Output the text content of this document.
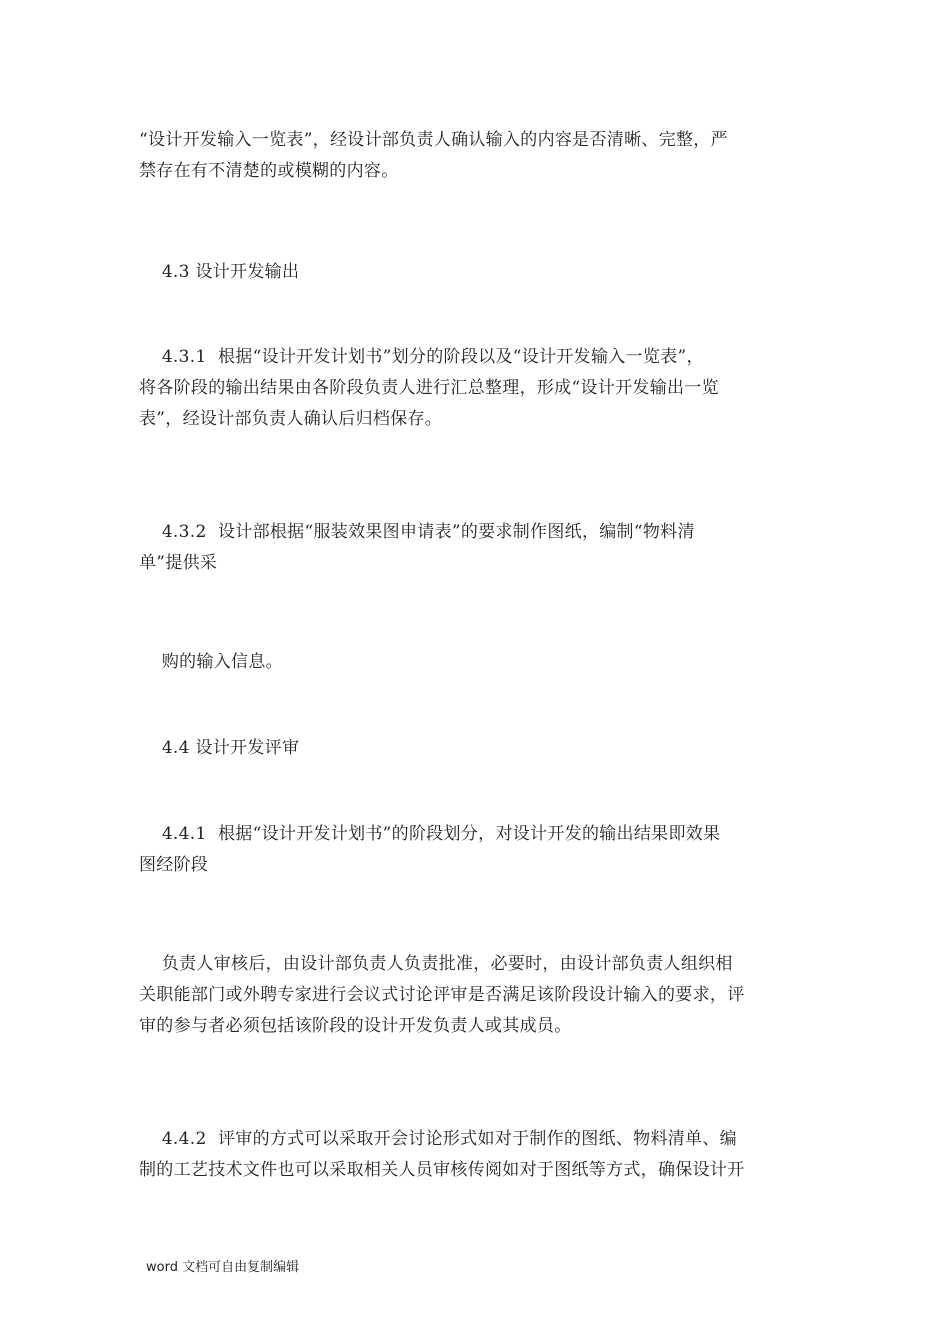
“设计开发输入一览表”，经设计部负责人确认输入的内容是否清晰、完整，严
禁存在有不清楚的或模糊的内容。

4.3 设计开发输出

4.3.1  根据“设计开发计划书”划分的阶段以及“设计开发输入一览表”，
将各阶段的输出结果由各阶段负责人进行汇总整理，形成“设计开发输出一览
表”，经设计部负责人确认后归档保存。

4.3.2  设计部根据“服装效果图申请表”的要求制作图纸，编制“物料清
单”提供采

购的输入信息。

4.4 设计开发评审

4.4.1  根据“设计开发计划书”的阶段划分，对设计开发的输出结果即效果
图经阶段

负责人审核后，由设计部负责人负责批准，必要时，由设计部负责人组织相
关职能部门或外聘专家进行会议式讨论评审是否满足该阶段设计输入的要求，评
审的参与者必须包括该阶段的设计开发负责人或其成员。

4.4.2  评审的方式可以采取开会讨论形式如对于制作的图纸、物料清单、编
制的工艺技术文件也可以采取相关人员审核传阅如对于图纸等方式，确保设计开

word 文档可自由复制编辑
